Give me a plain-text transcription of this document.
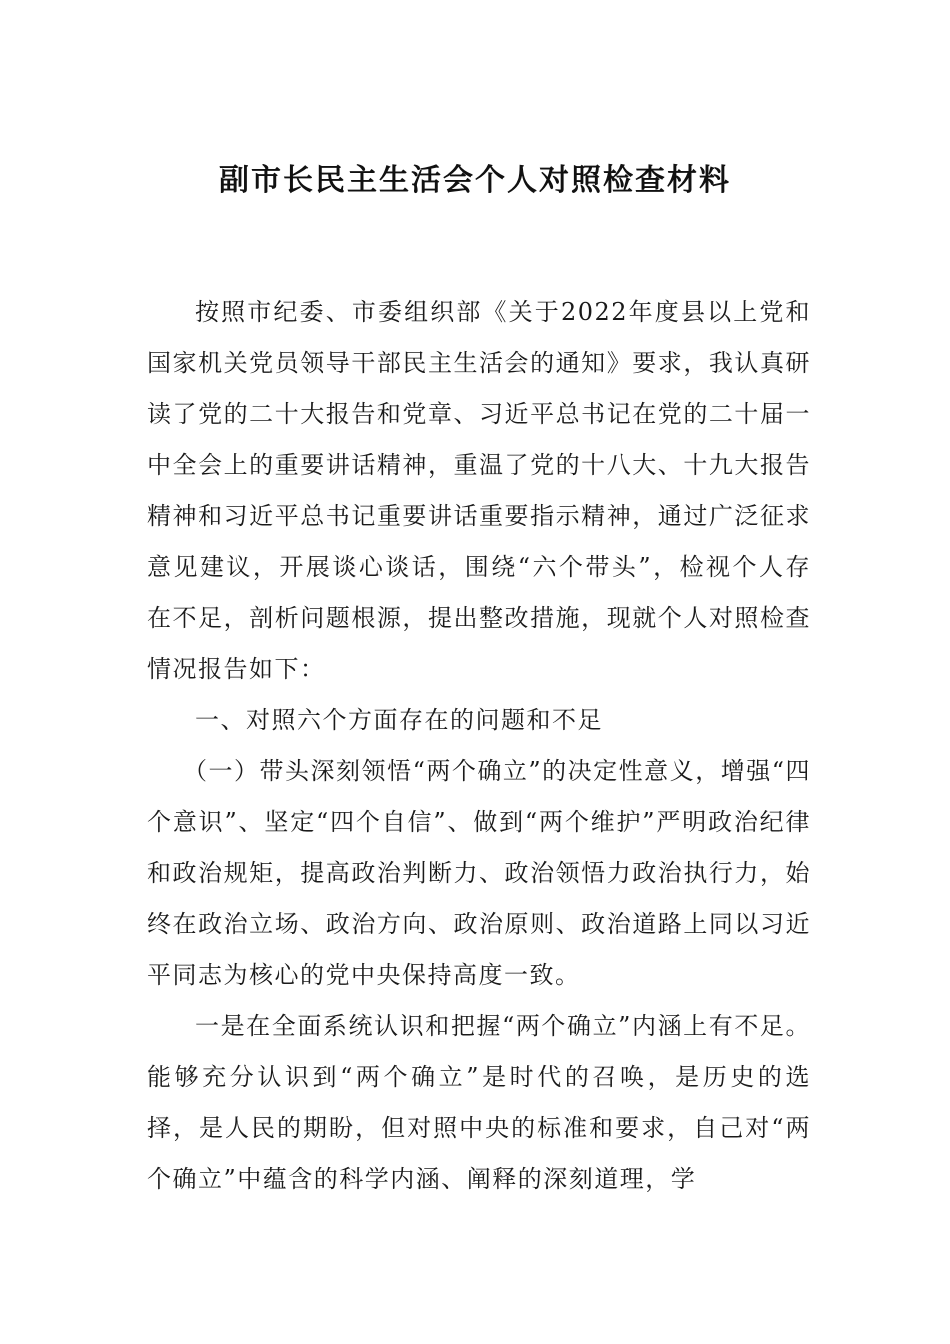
副市长民主生活会个人对照检查材料

按照市纪委、市委组织部《关于2022年度县以上党和国家机关党员领导干部民主生活会的通知》要求，我认真研读了党的二十大报告和党章、习近平总书记在党的二十届一中全会上的重要讲话精神，重温了党的十八大、十九大报告精神和习近平总书记重要讲话重要指示精神，通过广泛征求意见建议，开展谈心谈话，围绕“六个带头”，检视个人存在不足，剖析问题根源，提出整改措施，现就个人对照检查情况报告如下：

一、对照六个方面存在的问题和不足

（一）带头深刻领悟“两个确立”的决定性意义，增强“四个意识”、坚定“四个自信”、做到“两个维护”严明政治纪律和政治规矩，提高政治判断力、政治领悟力政治执行力，始终在政治立场、政治方向、政治原则、政治道路上同以习近平同志为核心的党中央保持高度一致。

一是在全面系统认识和把握“两个确立”内涵上有不足。能够充分认识到“两个确立”是时代的召唤，是历史的选择，是人民的期盼，但对照中央的标准和要求，自己对“两个确立”中蕴含的科学内涵、阐释的深刻道理，学
